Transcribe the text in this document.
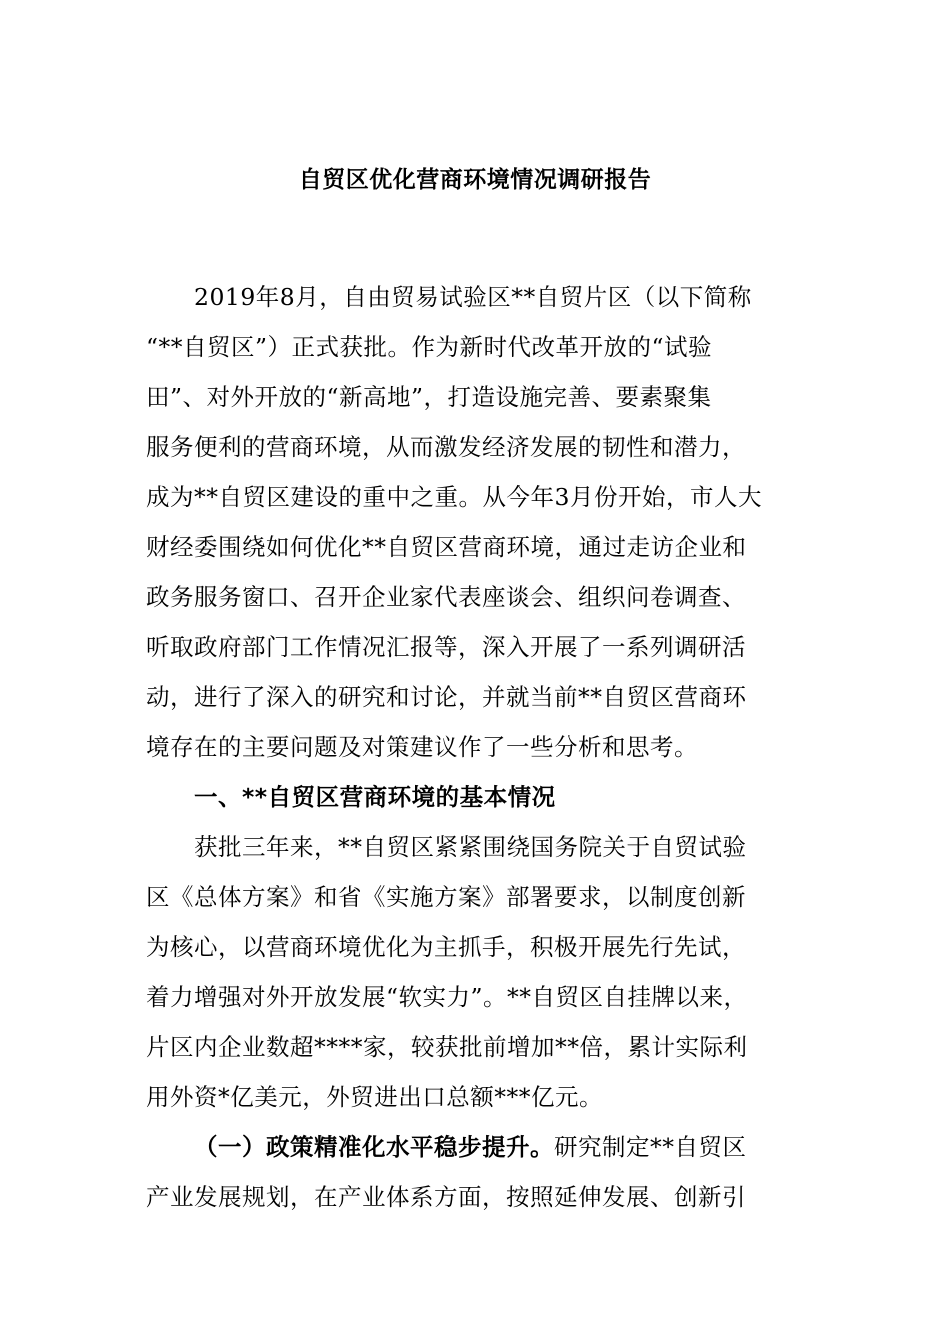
自贸区优化营商环境情况调研报告
2019年8月，自由贸易试验区**自贸片区（以下简称
“**自贸区”）正式获批。作为新时代改革开放的“试验
田”、对外开放的“新高地”，打造设施完善、要素聚集
服务便利的营商环境，从而激发经济发展的韧性和潜力，
成为**自贸区建设的重中之重。从今年3月份开始，市人大
财经委围绕如何优化**自贸区营商环境，通过走访企业和
政务服务窗口、召开企业家代表座谈会、组织问卷调查、
听取政府部门工作情况汇报等，深入开展了一系列调研活
动，进行了深入的研究和讨论，并就当前**自贸区营商环
境存在的主要问题及对策建议作了一些分析和思考。
一、**自贸区营商环境的基本情况
获批三年来，**自贸区紧紧围绕国务院关于自贸试验
区《总体方案》和省《实施方案》部署要求，以制度创新
为核心，以营商环境优化为主抓手，积极开展先行先试，
着力增强对外开放发展“软实力”。**自贸区自挂牌以来，
片区内企业数超****家，较获批前增加**倍，累计实际利
用外资*亿美元，外贸进出口总额***亿元。
（一）政策精准化水平稳步提升。研究制定**自贸区
产业发展规划，在产业体系方面，按照延伸发展、创新引
